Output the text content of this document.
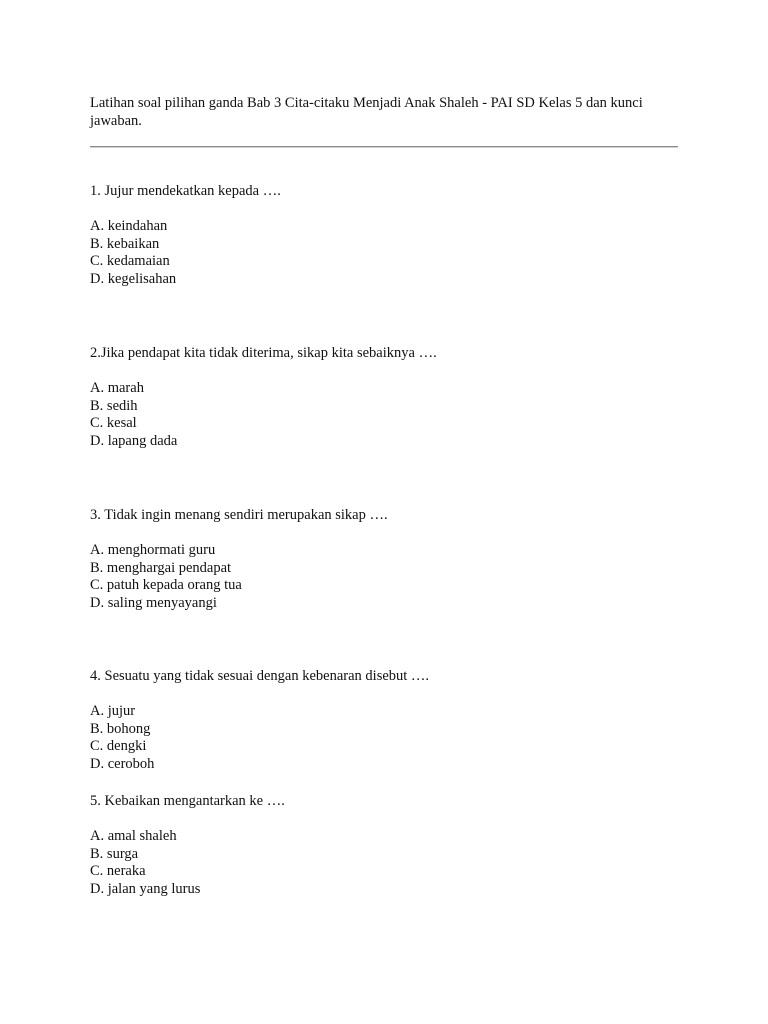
Latihan soal pilihan ganda Bab 3 Cita-citaku Menjadi Anak Shaleh - PAI SD Kelas 5 dan kunci jawaban.

1. Jujur mendekatkan kepada ….

A. keindahan
B. kebaikan
C. kedamaian
D. kegelisahan

2.Jika pendapat kita tidak diterima, sikap kita sebaiknya ….

A. marah
B. sedih
C. kesal
D. lapang dada

3. Tidak ingin menang sendiri merupakan sikap ….

A. menghormati guru
B. menghargai pendapat
C. patuh kepada orang tua
D. saling menyayangi

4. Sesuatu yang tidak sesuai dengan kebenaran disebut ….

A. jujur
B. bohong
C. dengki
D. ceroboh

5. Kebaikan mengantarkan ke ….

A. amal shaleh
B. surga
C. neraka
D. jalan yang lurus
